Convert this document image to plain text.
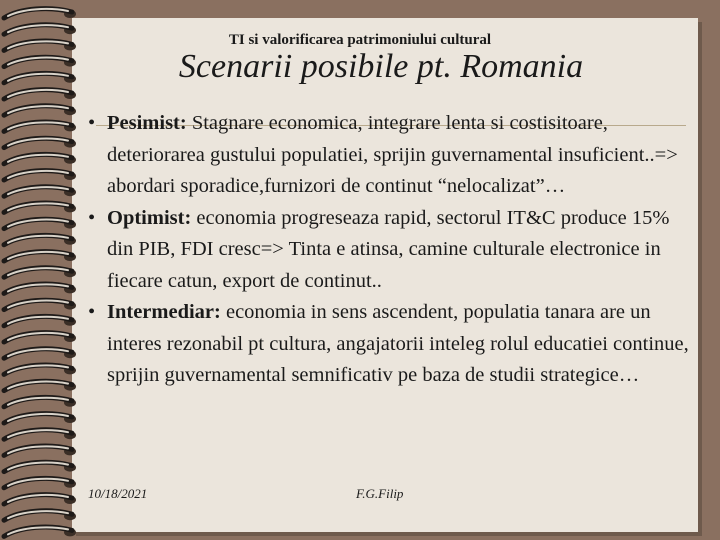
TI si valorificarea patrimoniului cultural
Scenarii posibile pt. Romania
• Pesimist: Stagnare economica, integrare lenta si costisitoare, deteriorarea gustului populatiei, sprijin guvernamental insuficient..=> abordari sporadice,furnizori de continut “nelocalizat”…
• Optimist: economia progreseaza rapid, sectorul IT&C produce 15% din PIB, FDI cresc=> Tinta e atinsa, camine culturale electronice in fiecare catun, export de continut..
• Intermediar: economia in sens ascendent, populatia tanara are un interes rezonabil pt cultura, angajatorii inteleg rolul educatiei continue, sprijin guvernamental semnificativ pe baza de studii strategice…
10/18/2021	F.G.Filip
